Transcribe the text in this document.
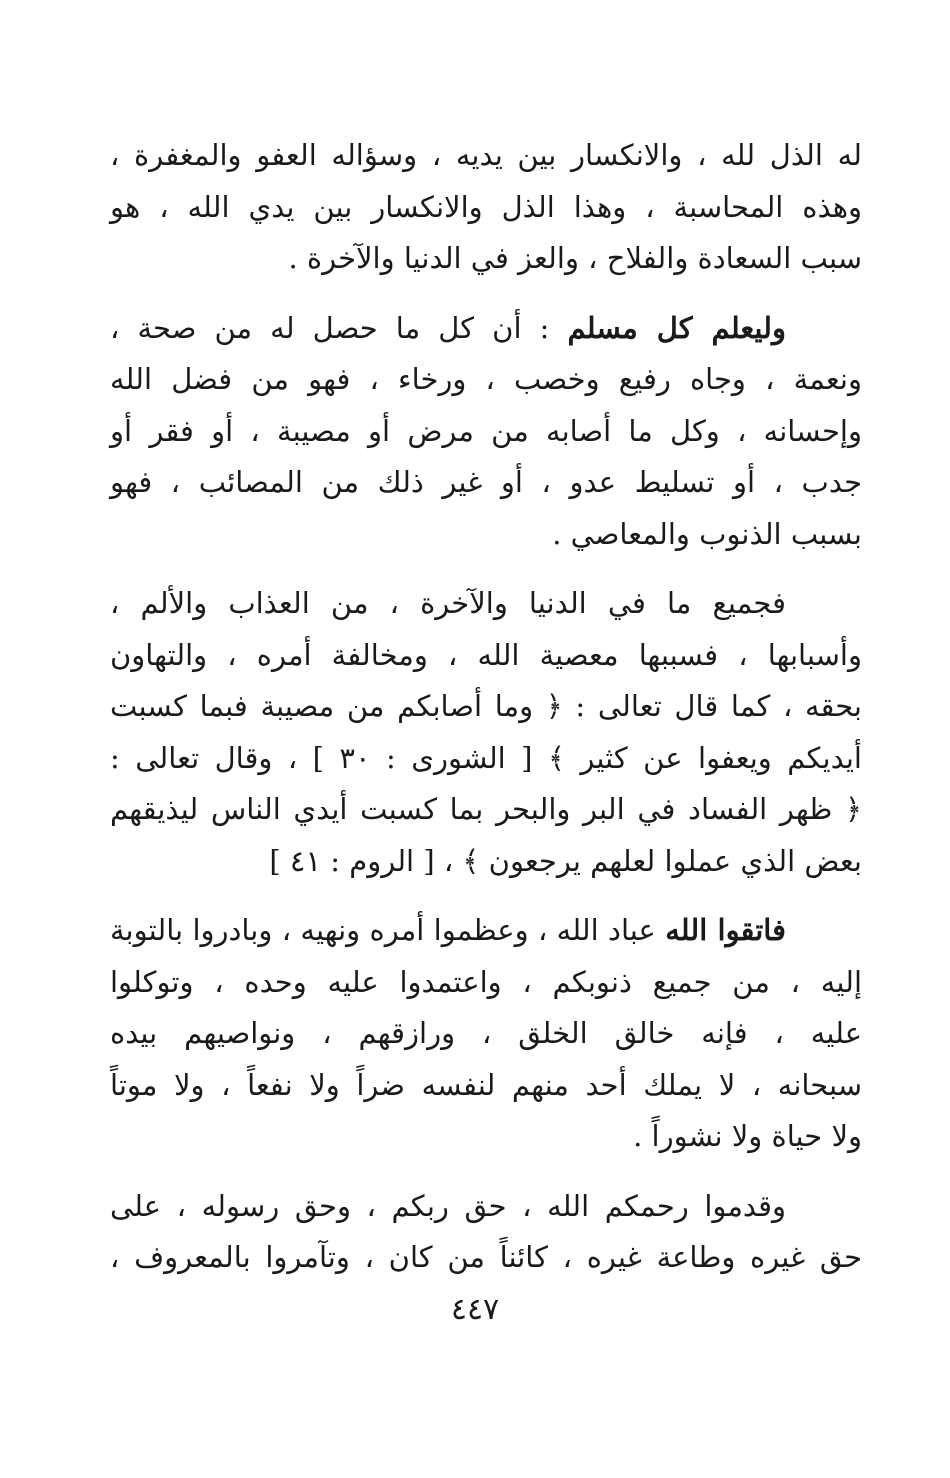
له الذل لله ، والانكسار بين يديه ، وسؤاله العفو والمغفرة ،
وهذه المحاسبة ، وهذا الذل والانكسار بين يدي الله ، هو
سبب السعادة والفلاح ، والعز في الدنيا والآخرة .

وليعلم كل مسلم : أن كل ما حصل له من صحة ،
ونعمة ، وجاه رفيع وخصب ، ورخاء ، فهو من فضل الله
وإحسانه ، وكل ما أصابه من مرض أو مصيبة ، أو فقر أو
جدب ، أو تسليط عدو ، أو غير ذلك من المصائب ، فهو
بسبب الذنوب والمعاصي .

فجميع ما في الدنيا والآخرة ، من العذاب والألم ،
وأسبابها ، فسببها معصية الله ، ومخالفة أمره ، والتهاون
بحقه ، كما قال تعالى : ﴿ وما أصابكم من مصيبة فبما كسبت
أيديكم ويعفوا عن كثير ﴾ [ الشورى : ٣٠ ] ، وقال تعالى :
﴿ ظهر الفساد في البر والبحر بما كسبت أيدي الناس ليذيقهم
بعض الذي عملوا لعلهم يرجعون ﴾ ، [ الروم : ٤١ ]

فاتقوا الله عباد الله ، وعظموا أمره ونهيه ، وبادروا بالتوبة
إليه ، من جميع ذنوبكم ، واعتمدوا عليه وحده ، وتوكلوا
عليه ، فإنه خالق الخلق ، ورازقهم ، ونواصيهم بيده
سبحانه ، لا يملك أحد منهم لنفسه ضراً ولا نفعاً ، ولا موتاً
ولا حياة ولا نشوراً .

وقدموا رحمكم الله ، حق ربكم ، وحق رسوله ، على
حق غيره وطاعة غيره ، كائناً من كان ، وتآمروا بالمعروف ،

٤٤٧
